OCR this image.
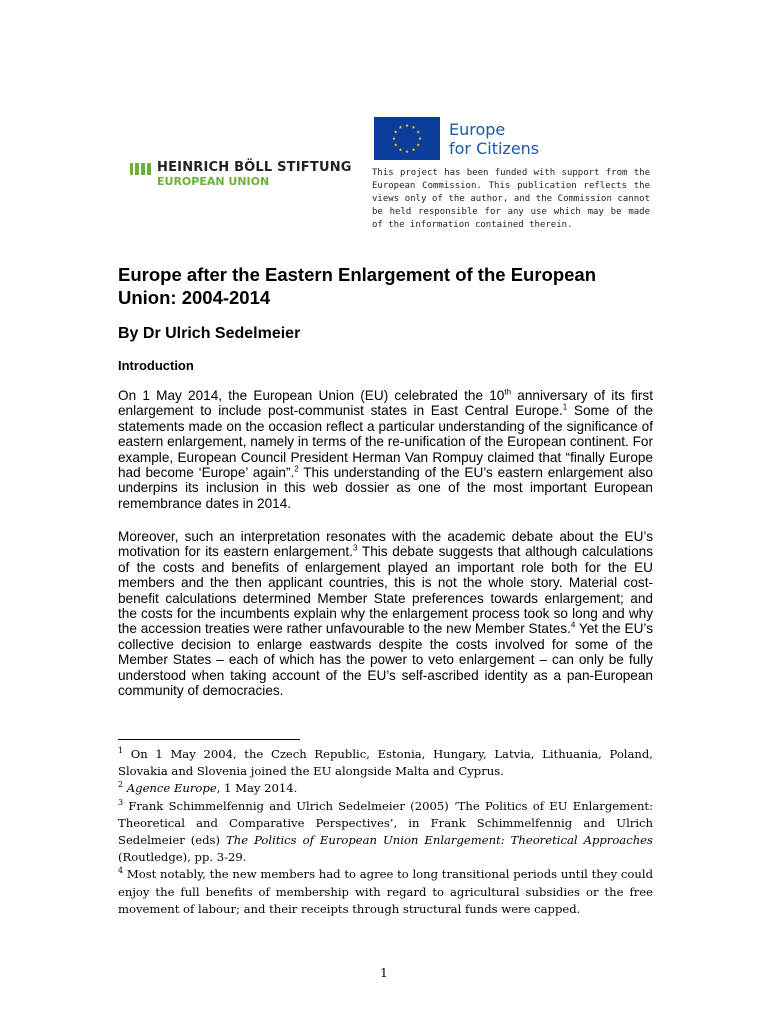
HEINRICH BÖLL STIFTUNG
EUROPEAN UNION
Europe
for Citizens
This project has been funded with support from the European Commission. This publication reflects the views only of the author, and the Commission cannot be held responsible for any use which may be made of the information contained therein.
Europe after the Eastern Enlargement of the European Union: 2004-2014
By Dr Ulrich Sedelmeier
Introduction
On 1 May 2014, the European Union (EU) celebrated the 10th anniversary of its first enlargement to include post-communist states in East Central Europe.$^1$ Some of the statements made on the occasion reflect a particular understanding of the significance of eastern enlargement, namely in terms of the re-unification of the European continent. For example, European Council President Herman Van Rompuy claimed that “finally Europe had become ‘Europe’ again”.$^2$ This understanding of the EU’s eastern enlargement also underpins its inclusion in this web dossier as one of the most important European remembrance dates in 2014.
Moreover, such an interpretation resonates with the academic debate about the EU’s motivation for its eastern enlargement.$^3$ This debate suggests that although calculations of the costs and benefits of enlargement played an important role both for the EU members and the then applicant countries, this is not the whole story. Material cost-benefit calculations determined Member State preferences towards enlargement; and the costs for the incumbents explain why the enlargement process took so long and why the accession treaties were rather unfavourable to the new Member States.$^4$ Yet the EU’s collective decision to enlarge eastwards despite the costs involved for some of the Member States – each of which has the power to veto enlargement – can only be fully understood when taking account of the EU’s self-ascribed identity as a pan-European community of democracies.
$^1$ On 1 May 2004, the Czech Republic, Estonia, Hungary, Latvia, Lithuania, Poland, Slovakia and Slovenia joined the EU alongside Malta and Cyprus.
$^2$ Agence Europe, 1 May 2014.
$^3$ Frank Schimmelfennig and Ulrich Sedelmeier (2005) ‘The Politics of EU Enlargement: Theoretical and Comparative Perspectives’, in Frank Schimmelfennig and Ulrich Sedelmeier (eds) The Politics of European Union Enlargement: Theoretical Approaches (Routledge), pp. 3-29.
$^4$ Most notably, the new members had to agree to long transitional periods until they could enjoy the full benefits of membership with regard to agricultural subsidies or the free movement of labour; and their receipts through structural funds were capped.
1
